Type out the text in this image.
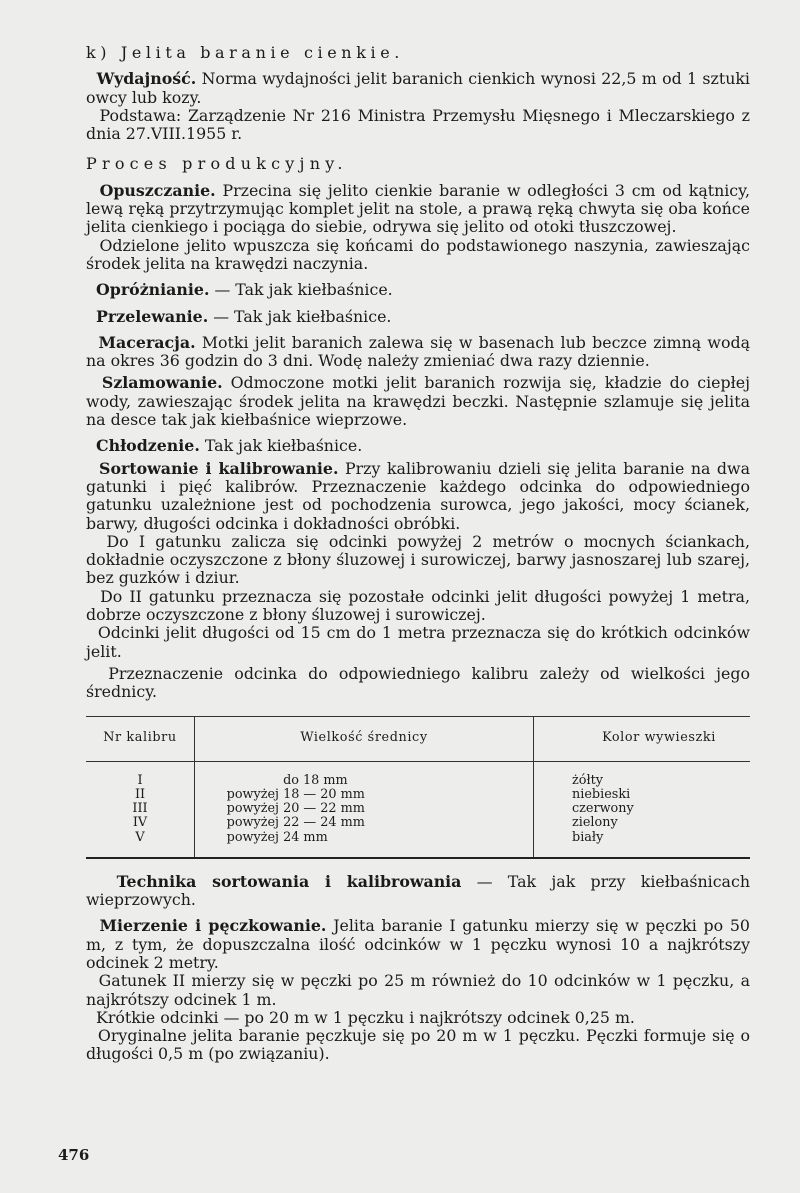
k) Jelita baranie cienkie.

Wydajność. Norma wydajności jelit baranich cienkich wynosi 22,5 m od 1 sztuki owcy lub kozy.

Podstawa: Zarządzenie Nr 216 Ministra Przemysłu Mięsnego i Mleczarskiego z dnia 27.VIII.1955 r.

Proces produkcyjny.

Opuszczanie. Przecina się jelito cienkie baranie w odległości 3 cm od kątnicy, lewą ręką przytrzymując komplet jelit na stole, a prawą ręką chwyta się oba końce jelita cienkiego i pociąga do siebie, odrywa się jelito od otoki tłuszczowej.

Odzielone jelito wpuszcza się końcami do podstawionego naszynia, zawieszając środek jelita na krawędzi naczynia.

Opróżnianie. — Tak jak kiełbaśnice.

Przelewanie. — Tak jak kiełbaśnice.

Maceracja. Motki jelit baranich zalewa się w basenach lub beczce zimną wodą na okres 36 godzin do 3 dni. Wodę należy zmieniać dwa razy dziennie.

Szlamowanie. Odmoczone motki jelit baranich rozwija się, kładzie do ciepłej wody, zawieszając środek jelita na krawędzi beczki. Następnie szlamuje się jelita na desce tak jak kiełbaśnice wieprzowe.

Chłodzenie. Tak jak kiełbaśnice.

Sortowanie i kalibrowanie. Przy kalibrowaniu dzieli się jelita baranie na dwa gatunki i pięć kalibrów. Przeznaczenie każdego odcinka do odpowiedniego gatunku uzależnione jest od pochodzenia surowca, jego jakości, mocy ścianek, barwy, długości odcinka i dokładności obróbki.

Do I gatunku zalicza się odcinki powyżej 2 metrów o mocnych ściankach, dokładnie oczyszczone z błony śluzowej i surowiczej, barwy jasnoszarej lub szarej, bez guzków i dziur.

Do II gatunku przeznacza się pozostałe odcinki jelit długości powyżej 1 metra, dobrze oczyszczone z błony śluzowej i surowiczej.

Odcinki jelit długości od 15 cm do 1 metra przeznacza się do krótkich odcinków jelit.

Przeznaczenie odcinka do odpowiedniego kalibru zależy od wielkości jego średnicy.

Nr kalibru	Wielkość średnicy	Kolor wywieszki

I	do 18 mm	żółty
II	powyżej 18 — 20 mm	niebieski
III	powyżej 20 — 22 mm	czerwony
IV	powyżej 22 — 24 mm	zielony
V	powyżej 24 mm	biały

Technika sortowania i kalibrowania — Tak jak przy kiełbaśnicach wieprzowych.

Mierzenie i pęczkowanie. Jelita baranie I gatunku mierzy się w pęczki po 50 m, z tym, że dopuszczalna ilość odcinków w 1 pęczku wynosi 10 a najkrótszy odcinek 2 metry.

Gatunek II mierzy się w pęczki po 25 m również do 10 odcinków w 1 pęczku, a najkrótszy odcinek 1 m.

Krótkie odcinki — po 20 m w 1 pęczku i najkrótszy odcinek 0,25 m.

Oryginalne jelita baranie pęczkuje się po 20 m w 1 pęczku. Pęczki formuje się o długości 0,5 m (po związaniu).

476
